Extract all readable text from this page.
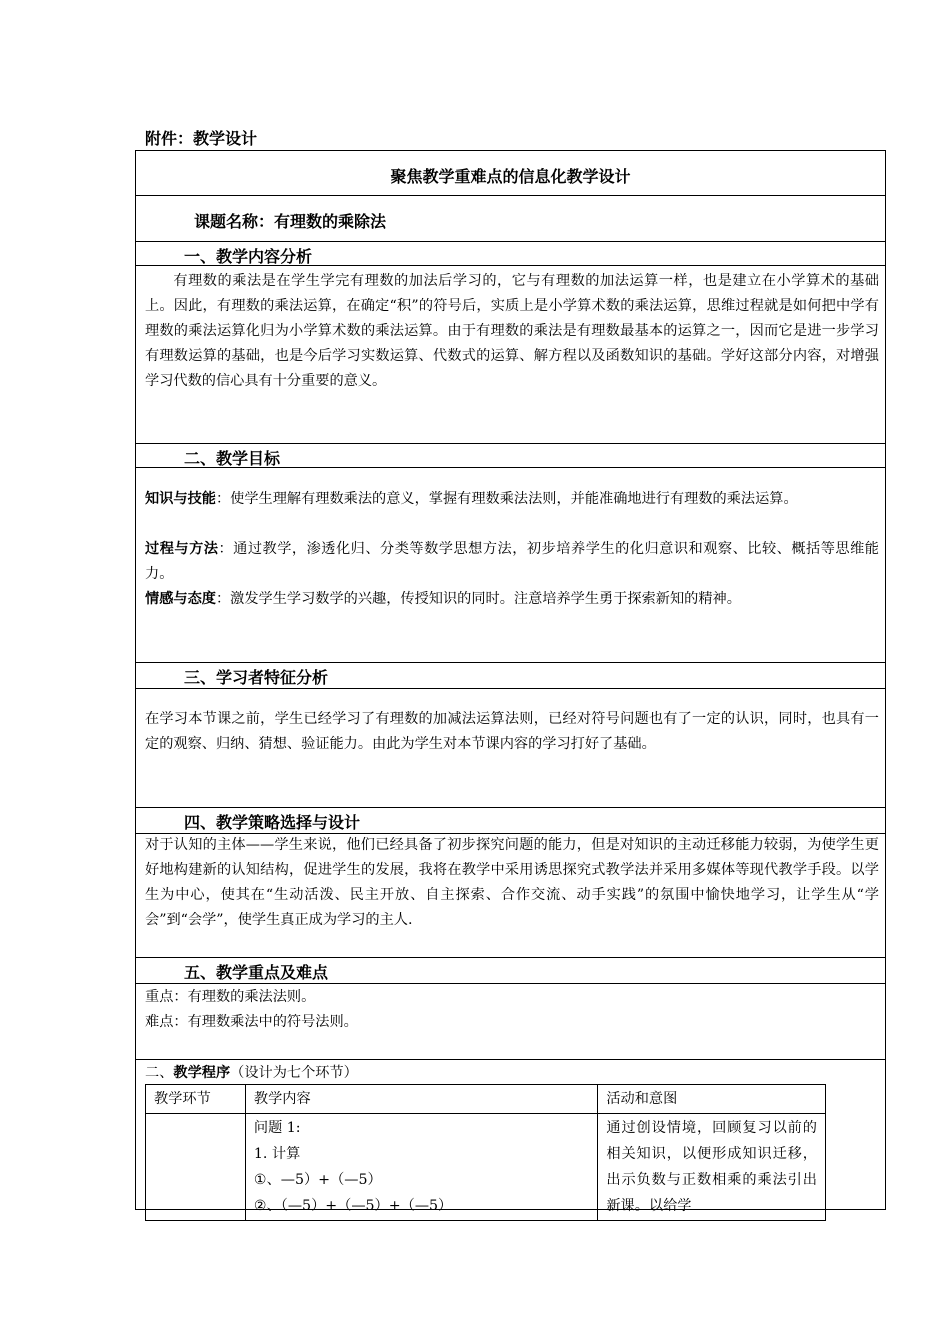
附件：教学设计
聚焦教学重难点的信息化教学设计
课题名称：有理数的乘除法
一、教学内容分析

有理数的乘法是在学生学完有理数的加法后学习的，它与有理数的加法运算一样，也是建立在小学算术的基础上。因此，有理数的乘法运算，在确定“积”的符号后，实质上是小学算术数的乘法运算，思维过程就是如何把中学有理数的乘法运算化归为小学算术数的乘法运算。由于有理数的乘法是有理数最基本的运算之一，因而它是进一步学习有理数运算的基础，也是今后学习实数运算、代数式的运算、解方程以及函数知识的基础。学好这部分内容，对增强学习代数的信心具有十分重要的意义。

二、教学目标

知识与技能：使学生理解有理数乘法的意义，掌握有理数乘法法则，并能准确地进行有理数的乘法运算。

过程与方法：通过教学，渗透化归、分类等数学思想方法，初步培养学生的化归意识和观察、比较、概括等思维能力。

情感与态度：激发学生学习数学的兴趣，传授知识的同时。注意培养学生勇于探索新知的精神。

三、学习者特征分析

在学习本节课之前，学生已经学习了有理数的加减法运算法则，已经对符号问题也有了一定的认识，同时，也具有一定的观察、归纳、猜想、验证能力。由此为学生对本节课内容的学习打好了基础。

四、教学策略选择与设计

对于认知的主体——学生来说，他们已经具备了初步探究问题的能力，但是对知识的主动迁移能力较弱，为使学生更好地构建新的认知结构，促进学生的发展，我将在教学中采用诱思探究式教学法并采用多媒体等现代教学手段。以学生为中心，使其在“生动活泼、民主开放、自主探索、合作交流、动手实践”的氛围中愉快地学习，让学生从“学会”到“会学”，使学生真正成为学习的主人.

五、教学重点及难点

重点：有理数的乘法法则。

难点：有理数乘法中的符号法则。

二、教学程序（设计为七个环节）
教学环节	教学内容	活动和意图

	问题 1:
1. 计算
①、—5）+（—5）
②、（—5）+（—5）+（—5）	通过创设情境，回顾复习以前的相关知识，以便形成知识迁移，出示负数与正数相乘的乘法引出新课。以给学
